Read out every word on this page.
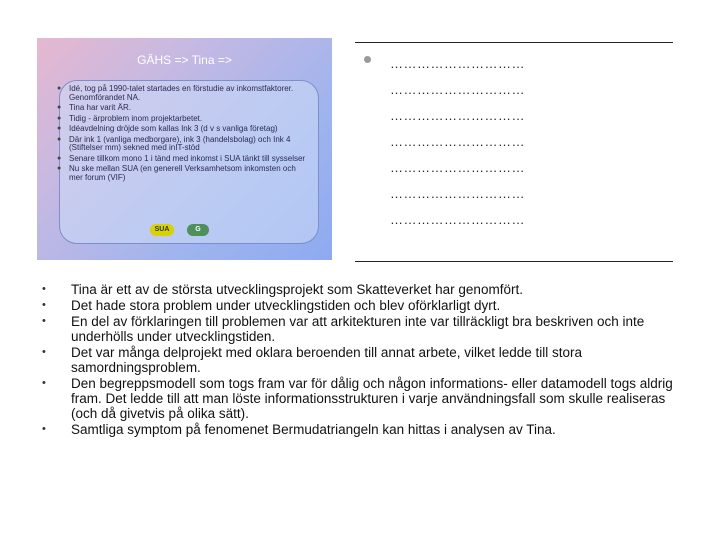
GÄHS => Tina =>
● Idé, tog på 1990-talet startades en förstudie av inkomstfaktorer. Genomförandet NA.
● Tina har varit ÄR.
● Tidig - ärproblem inom projektarbetet.
● Idéavdelning dröjde som kallas Ink 3 (d v s vanliga företag)
● Där ink 1 (vanliga medborgare), ink 3 (handelsbolag) och Ink 4 (Stiftelser mm) sekned med inIT-stöd
● Senare tillkom mono 1 i tänd med inkomst i SUA tänkt till sysselser
● Nu ske mellan SUA (en generell Verksamhetsom inkomsten och mer forum (VIF)
SUA	G
…………………………
…………………………
…………………………
…………………………
…………………………
…………………………
…………………………
• Tina är ett av de största utvecklingsprojekt som Skatteverket har genomfört.
• Det hade stora problem under utvecklingstiden och blev oförklarligt dyrt.
• En del av förklaringen till problemen var att arkitekturen inte var tillräckligt bra beskriven och inte underhölls under utvecklingstiden.
• Det var många delprojekt med oklara beroenden till annat arbete, vilket ledde till stora samordningsproblem.
• Den begreppsmodell som togs fram var för dålig och någon informations- eller datamodell togs aldrig fram. Det ledde till att man löste informationsstrukturen i varje användningsfall som skulle realiseras (och då givetvis på olika sätt).
• Samtliga symptom på fenomenet Bermudatriangeln kan hittas i analysen av Tina.
